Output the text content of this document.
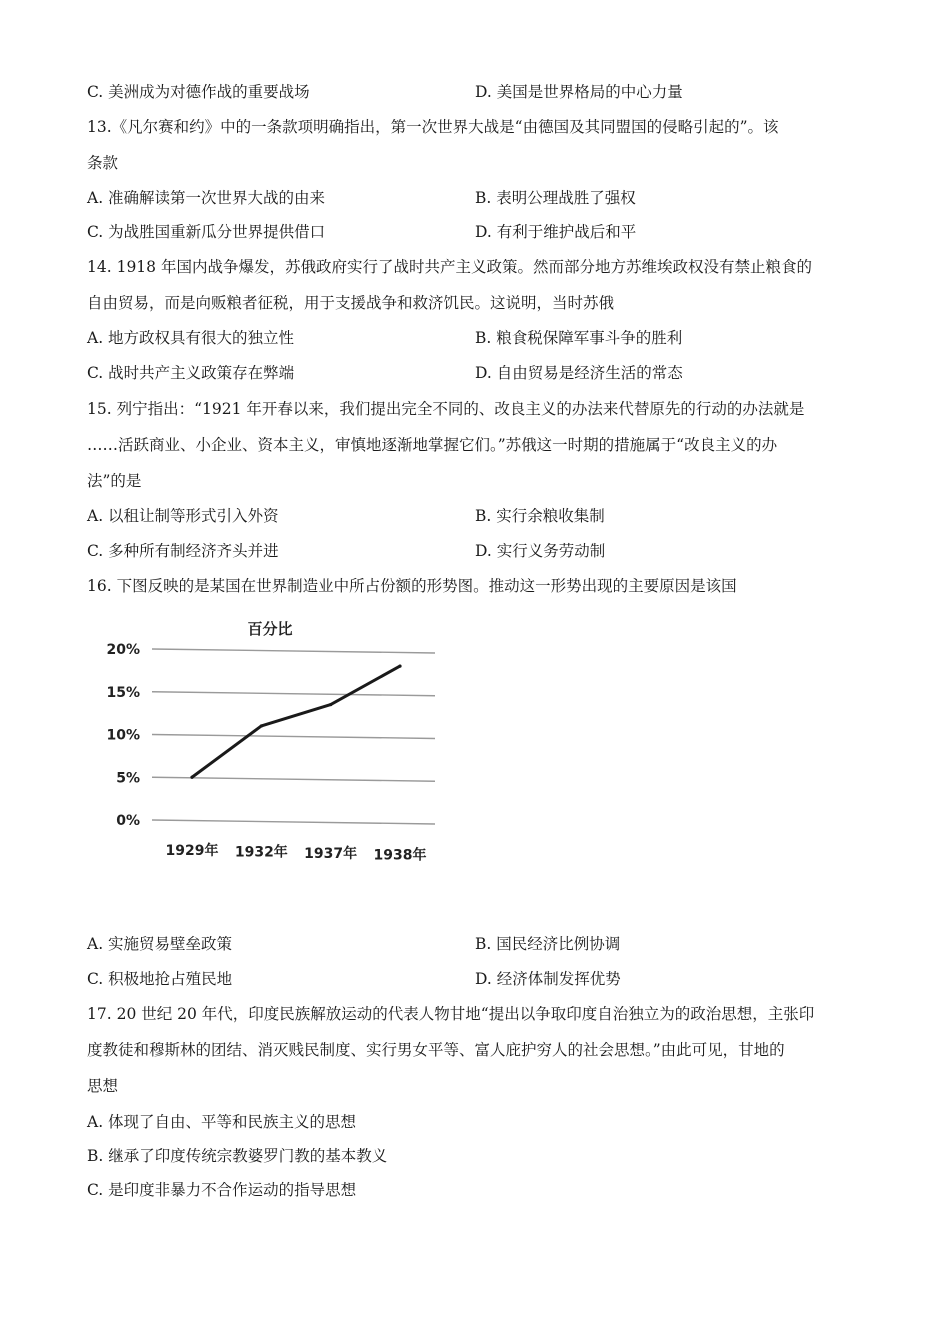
C. 美洲成为对德作战的重要战场	D. 美国是世界格局的中心力量
13.《凡尔赛和约》中的一条款项明确指出，第一次世界大战是“由德国及其同盟国的侵略引起的”。该
条款
A. 准确解读第一次世界大战的由来	B. 表明公理战胜了强权
C. 为战胜国重新瓜分世界提供借口	D. 有利于维护战后和平
14. 1918 年国内战争爆发，苏俄政府实行了战时共产主义政策。然而部分地方苏维埃政权没有禁止粮食的
自由贸易，而是向贩粮者征税，用于支援战争和救济饥民。这说明，当时苏俄
A. 地方政权具有很大的独立性	B. 粮食税保障军事斗争的胜利
C. 战时共产主义政策存在弊端	D. 自由贸易是经济生活的常态
15. 列宁指出：“1921 年开春以来，我们提出完全不同的、改良主义的办法来代替原先的行动的办法就是
……活跃商业、小企业、资本主义，审慎地逐渐地掌握它们。”苏俄这一时期的措施属于“改良主义的办
法”的是
A. 以租让制等形式引入外资	B. 实行余粮收集制
C. 多种所有制经济齐头并进	D. 实行义务劳动制
16. 下图反映的是某国在世界制造业中所占份额的形势图。推动这一形势出现的主要原因是该国
百分比
0%
5%
10%
15%
20%
1929年 1932年 1937年 1938年
A. 实施贸易壁垒政策	B. 国民经济比例协调
C. 积极地抢占殖民地	D. 经济体制发挥优势
17. 20 世纪 20 年代，印度民族解放运动的代表人物甘地“提出以争取印度自治独立为的政治思想，主张印
度教徒和穆斯林的团结、消灭贱民制度、实行男女平等、富人庇护穷人的社会思想。”由此可见，甘地的
思想
A. 体现了自由、平等和民族主义的思想
B. 继承了印度传统宗教婆罗门教的基本教义
C. 是印度非暴力不合作运动的指导思想
